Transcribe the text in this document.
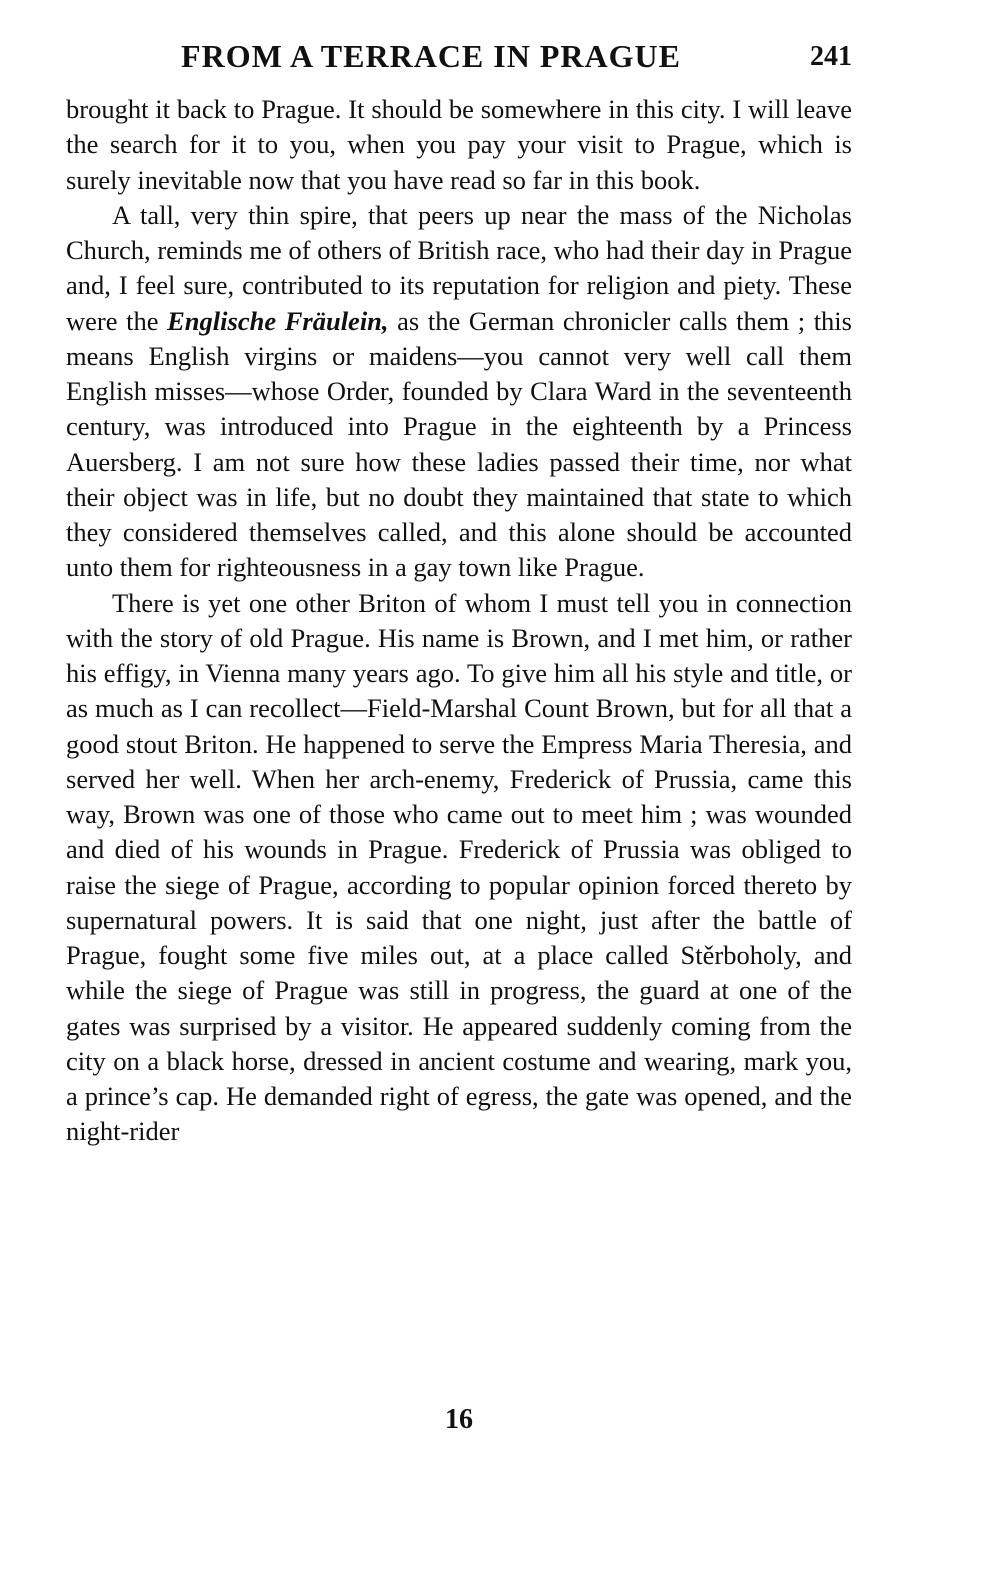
FROM A TERRACE IN PRAGUE	241

brought it back to Prague. It should be somewhere in this city. I will leave the search for it to you, when you pay your visit to Prague, which is surely inevitable now that you have read so far in this book.

A tall, very thin spire, that peers up near the mass of the Nicholas Church, reminds me of others of British race, who had their day in Prague and, I feel sure, contributed to its reputation for religion and piety. These were the Englische Fräulein, as the German chronicler calls them ; this means English virgins or maidens—you cannot very well call them English misses—whose Order, founded by Clara Ward in the seventeenth century, was introduced into Prague in the eighteenth by a Princess Auersberg. I am not sure how these ladies passed their time, nor what their object was in life, but no doubt they maintained that state to which they considered themselves called, and this alone should be accounted unto them for righteousness in a gay town like Prague.

There is yet one other Briton of whom I must tell you in connection with the story of old Prague. His name is Brown, and I met him, or rather his effigy, in Vienna many years ago. To give him all his style and title, or as much as I can recollect—Field-Marshal Count Brown, but for all that a good stout Briton. He happened to serve the Empress Maria Theresia, and served her well. When her arch-enemy, Frederick of Prussia, came this way, Brown was one of those who came out to meet him ; was wounded and died of his wounds in Prague. Frederick of Prussia was obliged to raise the siege of Prague, according to popular opinion forced thereto by supernatural powers. It is said that one night, just after the battle of Prague, fought some five miles out, at a place called Stěrboholy, and while the siege of Prague was still in progress, the guard at one of the gates was surprised by a visitor. He appeared suddenly coming from the city on a black horse, dressed in ancient costume and wearing, mark you, a prince’s cap. He demanded right of egress, the gate was opened, and the night-rider

16
